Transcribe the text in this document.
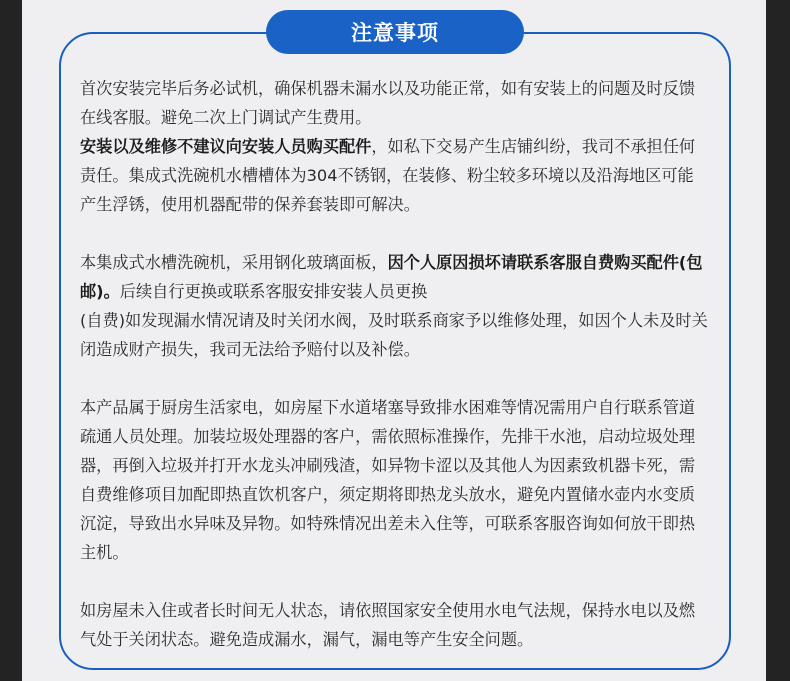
注意事项

首次安装完毕后务必试机，确保机器未漏水以及功能正常，如有安装上的问题及时反馈在线客服。避免二次上门调试产生费用。

安装以及维修不建议向安装人员购买配件，如私下交易产生店铺纠纷，我司不承担任何责任。集成式洗碗机水槽槽体为304不锈钢，在装修、粉尘较多环境以及沿海地区可能产生浮锈，使用机器配带的保养套装即可解决。

本集成式水槽洗碗机，采用钢化玻璃面板，因个人原因损坏请联系客服自费购买配件(包邮)。后续自行更换或联系客服安排安装人员更换
(自费)如发现漏水情况请及时关闭水阀，及时联系商家予以维修处理，如因个人未及时关闭造成财产损失，我司无法给予赔付以及补偿。

本产品属于厨房生活家电，如房屋下水道堵塞导致排水困难等情况需用户自行联系管道疏通人员处理。加装垃圾处理器的客户，需依照标准操作，先排干水池，启动垃圾处理器，再倒入垃圾并打开水龙头冲刷残渣，如异物卡涩以及其他人为因素致机器卡死，需自费维修项目加配即热直饮机客户，须定期将即热龙头放水，避免内置储水壶内水变质沉淀，导致出水异味及异物。如特殊情况出差未入住等，可联系客服咨询如何放干即热主机。

如房屋未入住或者长时间无人状态，请依照国家安全使用水电气法规，保持水电以及燃气处于关闭状态。避免造成漏水，漏气，漏电等产生安全问题。
